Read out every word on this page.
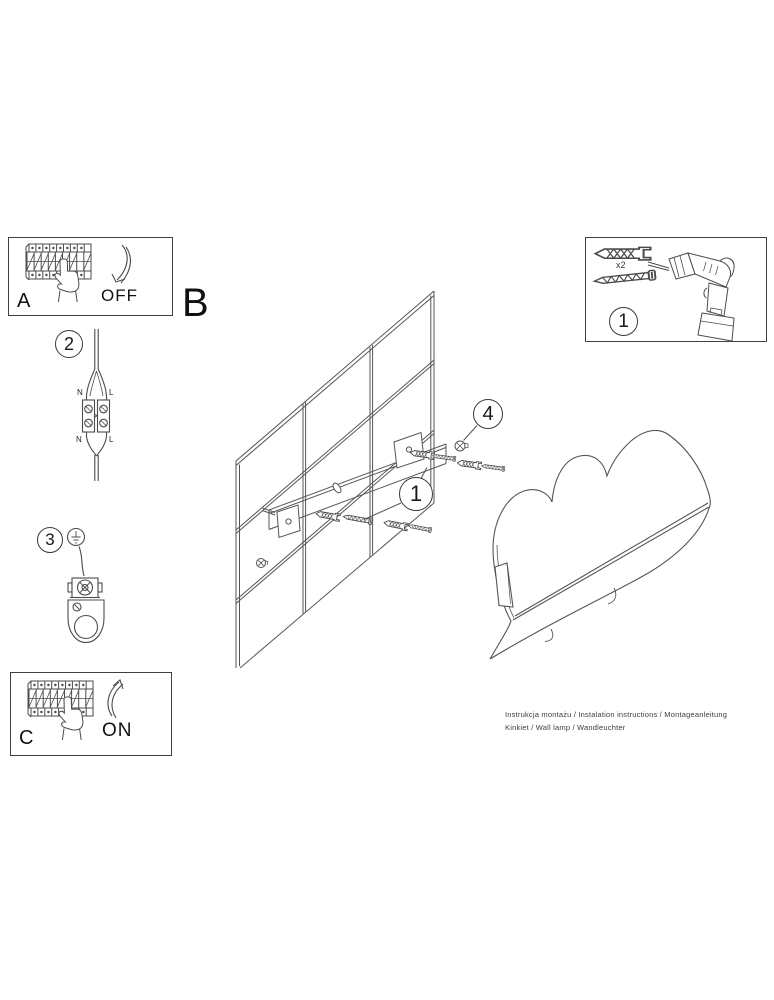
A	OFF B
2
N	L
N	L
3
C	ON
x2
1
1
4
Instrukcja montażu / Instalation instructions / Montageanleitung
Kinkiet / Wall lamp / Wandleuchter
